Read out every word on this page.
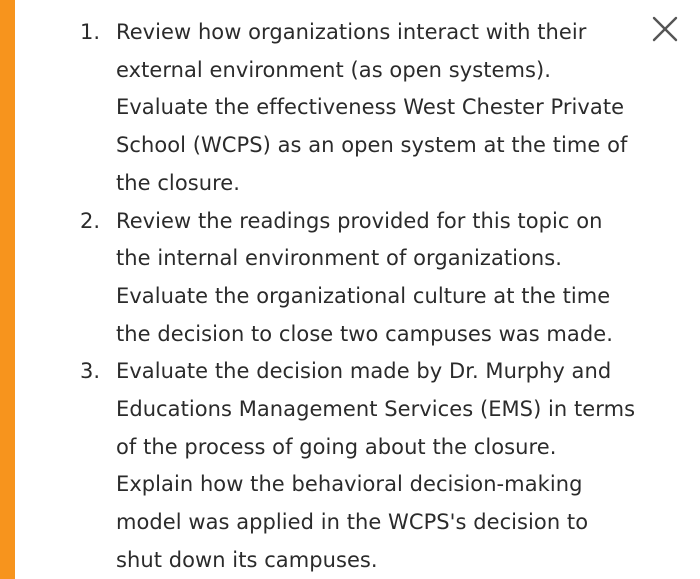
1. Review how organizations interact with their external environment (as open systems). Evaluate the effectiveness West Chester Private School (WCPS) as an open system at the time of the closure.
2. Review the readings provided for this topic on the internal environment of organizations. Evaluate the organizational culture at the time the decision to close two campuses was made.
3. Evaluate the decision made by Dr. Murphy and Educations Management Services (EMS) in terms of the process of going about the closure. Explain how the behavioral decision-making model was applied in the WCPS's decision to shut down its campuses.
